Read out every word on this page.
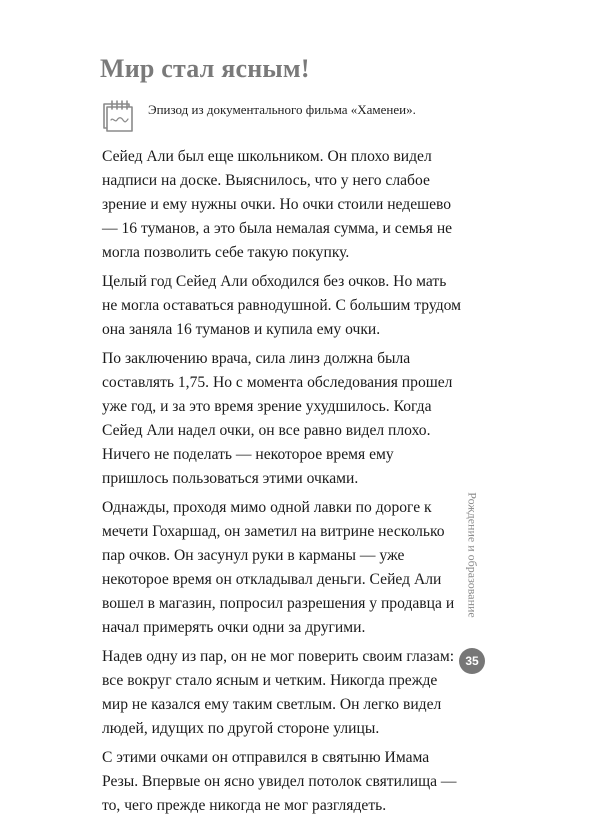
Мир стал ясным!
Эпизод из документального фильма «Хаменеи».

Сейед Али был еще школьником. Он плохо видел надписи на доске. Выяснилось, что у него слабое зрение и ему нужны очки. Но очки стоили недешево — 16 туманов, а это была немалая сумма, и семья не могла позволить себе такую покупку.

Целый год Сейед Али обходился без очков. Но мать не могла оставаться равнодушной. С большим трудом она заняла 16 туманов и купила ему очки.

По заключению врача, сила линз должна была составлять 1,75. Но с момента обследования прошел уже год, и за это время зрение ухудшилось. Когда Сейед Али надел очки, он все равно видел плохо. Ничего не поделать — некоторое время ему пришлось пользоваться этими очками.

Однажды, проходя мимо одной лавки по дороге к мечети Гохаршад, он заметил на витрине несколько пар очков. Он засунул руки в карманы — уже некоторое время он откладывал деньги. Сейед Али вошел в магазин, попросил разрешения у продавца и начал примерять очки одни за другими.

Надев одну из пар, он не мог поверить своим глазам: все вокруг стало ясным и четким. Никогда прежде мир не казался ему таким светлым. Он легко видел людей, идущих по другой стороне улицы.

С этими очками он отправился в святыню Имама Резы. Впервые он ясно увидел потолок святилища — то, чего прежде никогда не мог разглядеть.

Рождение и образование
35
